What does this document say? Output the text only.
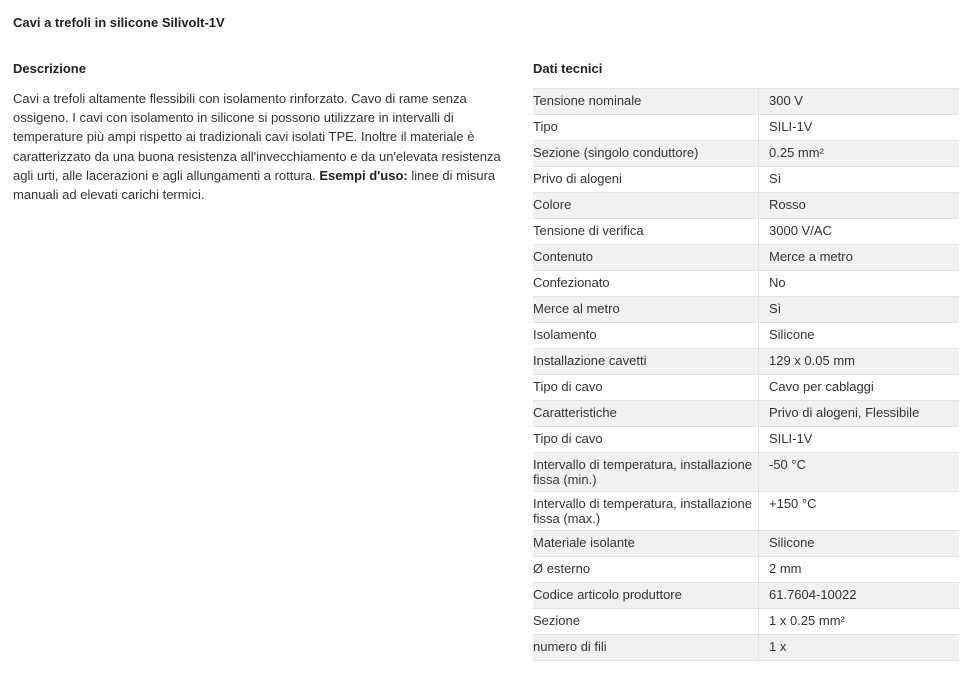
Cavi a trefoli in silicone Silivolt-1V
Descrizione
Cavi a trefoli altamente flessibili con isolamento rinforzato. Cavo di rame senza ossigeno. I cavi con isolamento in silicone si possono utilizzare in intervalli di temperature più ampi rispetto ai tradizionali cavi isolati TPE. Inoltre il materiale è caratterizzato da una buona resistenza all'invecchiamento e da un'elevata resistenza agli urti, alle lacerazioni e agli allungamenti a rottura. Esempi d'uso: linee di misura manuali ad elevati carichi termici.
Dati tecnici
Tensione nominale	300 V
Tipo	SILI-1V
Sezione (singolo conduttore)	0.25 mm²
Privo di alogeni	Sì
Colore	Rosso
Tensione di verifica	3000 V/AC
Contenuto	Merce a metro
Confezionato	No
Merce al metro	Sì
Isolamento	Silicone
Installazione cavetti	129 x 0.05 mm
Tipo di cavo	Cavo per cablaggi
Caratteristiche	Privo di alogeni, Flessibile
Tipo di cavo	SILI-1V
Intervallo di temperatura, installazione fissa (min.)	-50 °C
Intervallo di temperatura, installazione fissa (max.)	+150 °C
Materiale isolante	Silicone
Ø esterno	2 mm
Codice articolo produttore	61.7604-10022
Sezione	1 x 0.25 mm²
numero di fili	1 x
